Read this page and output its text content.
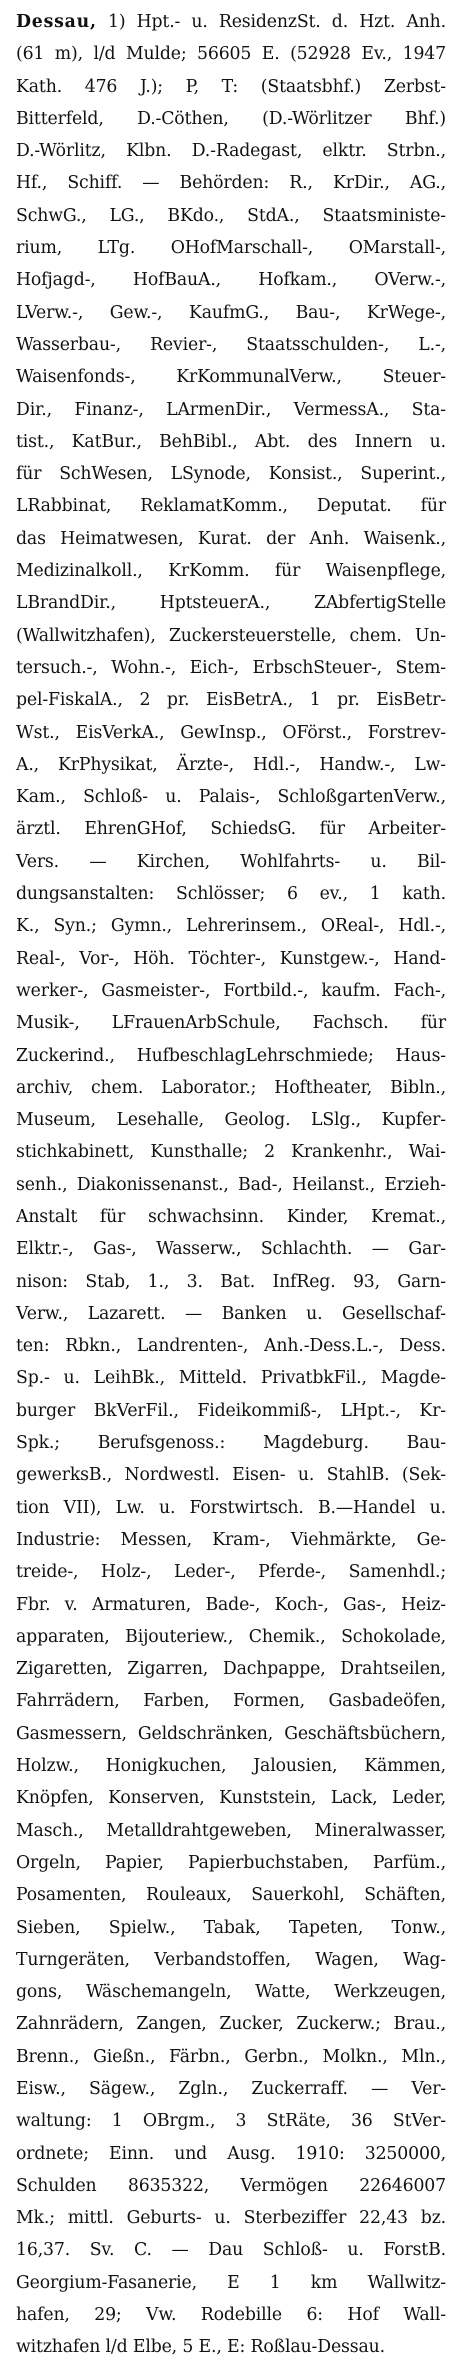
Dessau, 1) Hpt.- u. ResidenzSt. d. Hzt. Anh.
(61 m), l/d Mulde; 56605 E. (52928 Ev., 1947
Kath. 476 J.); P, T: (Staatsbhf.) Zerbst-
Bitterfeld, D.-Cöthen, (D.-Wörlitzer Bhf.)
D.-Wörlitz, Klbn. D.-Radegast, elktr. Strbn.,
Hf., Schiff. — Behörden: R., KrDir., AG.,
SchwG., LG., BKdo., StdA., Staatsministe-
rium, LTg. OHofMarschall-, OMarstall-,
Hofjagd-, HofBauA., Hofkam., OVerw.-,
LVerw.-, Gew.-, KaufmG., Bau-, KrWege-,
Wasserbau-, Revier-, Staatsschulden-, L.-,
Waisenfonds-, KrKommunalVerw., Steuer-
Dir., Finanz-, LArmenDir., VermessA., Sta-
tist., KatBur., BehBibl., Abt. des Innern u.
für SchWesen, LSynode, Konsist., Superint.,
LRabbinat, ReklamatKomm., Deputat. für
das Heimatwesen, Kurat. der Anh. Waisenk.,
Medizinalkoll., KrKomm. für Waisenpflege,
LBrandDir., HptsteuerA., ZAbfertigStelle
(Wallwitzhafen), Zuckersteuerstelle, chem. Un-
tersuch.-, Wohn.-, Eich-, ErbschSteuer-, Stem-
pel-FiskalA., 2 pr. EisBetrA., 1 pr. EisBetr-
Wst., EisVerkA., GewInsp., OFörst., Forstrev-
A., KrPhysikat, Ärzte-, Hdl.-, Handw.-, Lw-
Kam., Schloß- u. Palais-, SchloßgartenVerw.,
ärztl. EhrenGHof, SchiedsG. für Arbeiter-
Vers. — Kirchen, Wohlfahrts- u. Bil-
dungsanstalten: Schlösser; 6 ev., 1 kath.
K., Syn.; Gymn., Lehrerinsem., OReal-, Hdl.-,
Real-, Vor-, Höh. Töchter-, Kunstgew.-, Hand-
werker-, Gasmeister-, Fortbild.-, kaufm. Fach-,
Musik-, LFrauenArbSchule, Fachsch. für
Zuckerind., HufbeschlagLehrschmiede; Haus-
archiv, chem. Laborator.; Hoftheater, Bibln.,
Museum, Lesehalle, Geolog. LSlg., Kupfer-
stichkabinett, Kunsthalle; 2 Krankenhr., Wai-
senh., Diakonissenanst., Bad-, Heilanst., Erzieh-
Anstalt für schwachsinn. Kinder, Kremat.,
Elktr.-, Gas-, Wasserw., Schlachth. — Gar-
nison: Stab, 1., 3. Bat. InfReg. 93, Garn-
Verw., Lazarett. — Banken u. Gesellschaf-
ten: Rbkn., Landrenten-, Anh.-Dess.L.-, Dess.
Sp.- u. LeihBk., Mitteld. PrivatbkFil., Magde-
burger BkVerFil., Fideikommiß-, LHpt.-, Kr-
Spk.; Berufsgenoss.: Magdeburg. Bau-
gewerksB., Nordwestl. Eisen- u. StahlB. (Sek-
tion VII), Lw. u. Forstwirtsch. B.—Handel u.
Industrie: Messen, Kram-, Viehmärkte, Ge-
treide-, Holz-, Leder-, Pferde-, Samenhdl.;
Fbr. v. Armaturen, Bade-, Koch-, Gas-, Heiz-
apparaten, Bijouteriew., Chemik., Schokolade,
Zigaretten, Zigarren, Dachpappe, Drahtseilen,
Fahrrädern, Farben, Formen, Gasbadeöfen,
Gasmessern, Geldschränken, Geschäftsbüchern,
Holzw., Honigkuchen, Jalousien, Kämmen,
Knöpfen, Konserven, Kunststein, Lack, Leder,
Masch., Metalldrahtgeweben, Mineralwasser,
Orgeln, Papier, Papierbuchstaben, Parfüm.,
Posamenten, Rouleaux, Sauerkohl, Schäften,
Sieben, Spielw., Tabak, Tapeten, Tonw.,
Turngeräten, Verbandstoffen, Wagen, Wag-
gons, Wäschemangeln, Watte, Werkzeugen,
Zahnrädern, Zangen, Zucker, Zuckerw.; Brau.,
Brenn., Gießn., Färbn., Gerbn., Molkn., Mln.,
Eisw., Sägew., Zgln., Zuckerraff. — Ver-
waltung: 1 OBrgm., 3 StRäte, 36 StVer-
ordnete; Einn. und Ausg. 1910: 3250000,
Schulden 8635322, Vermögen 22646007
Mk.; mittl. Geburts- u. Sterbeziffer 22,43 bz.
16,37. Sv. C. — Dau Schloß- u. ForstB.
Georgium-Fasanerie, E 1 km Wallwitz-
hafen, 29; Vw. Rodebille 6: Hof Wall-
witzhafen l/d Elbe, 5 E., E: Roßlau-Dessau.
